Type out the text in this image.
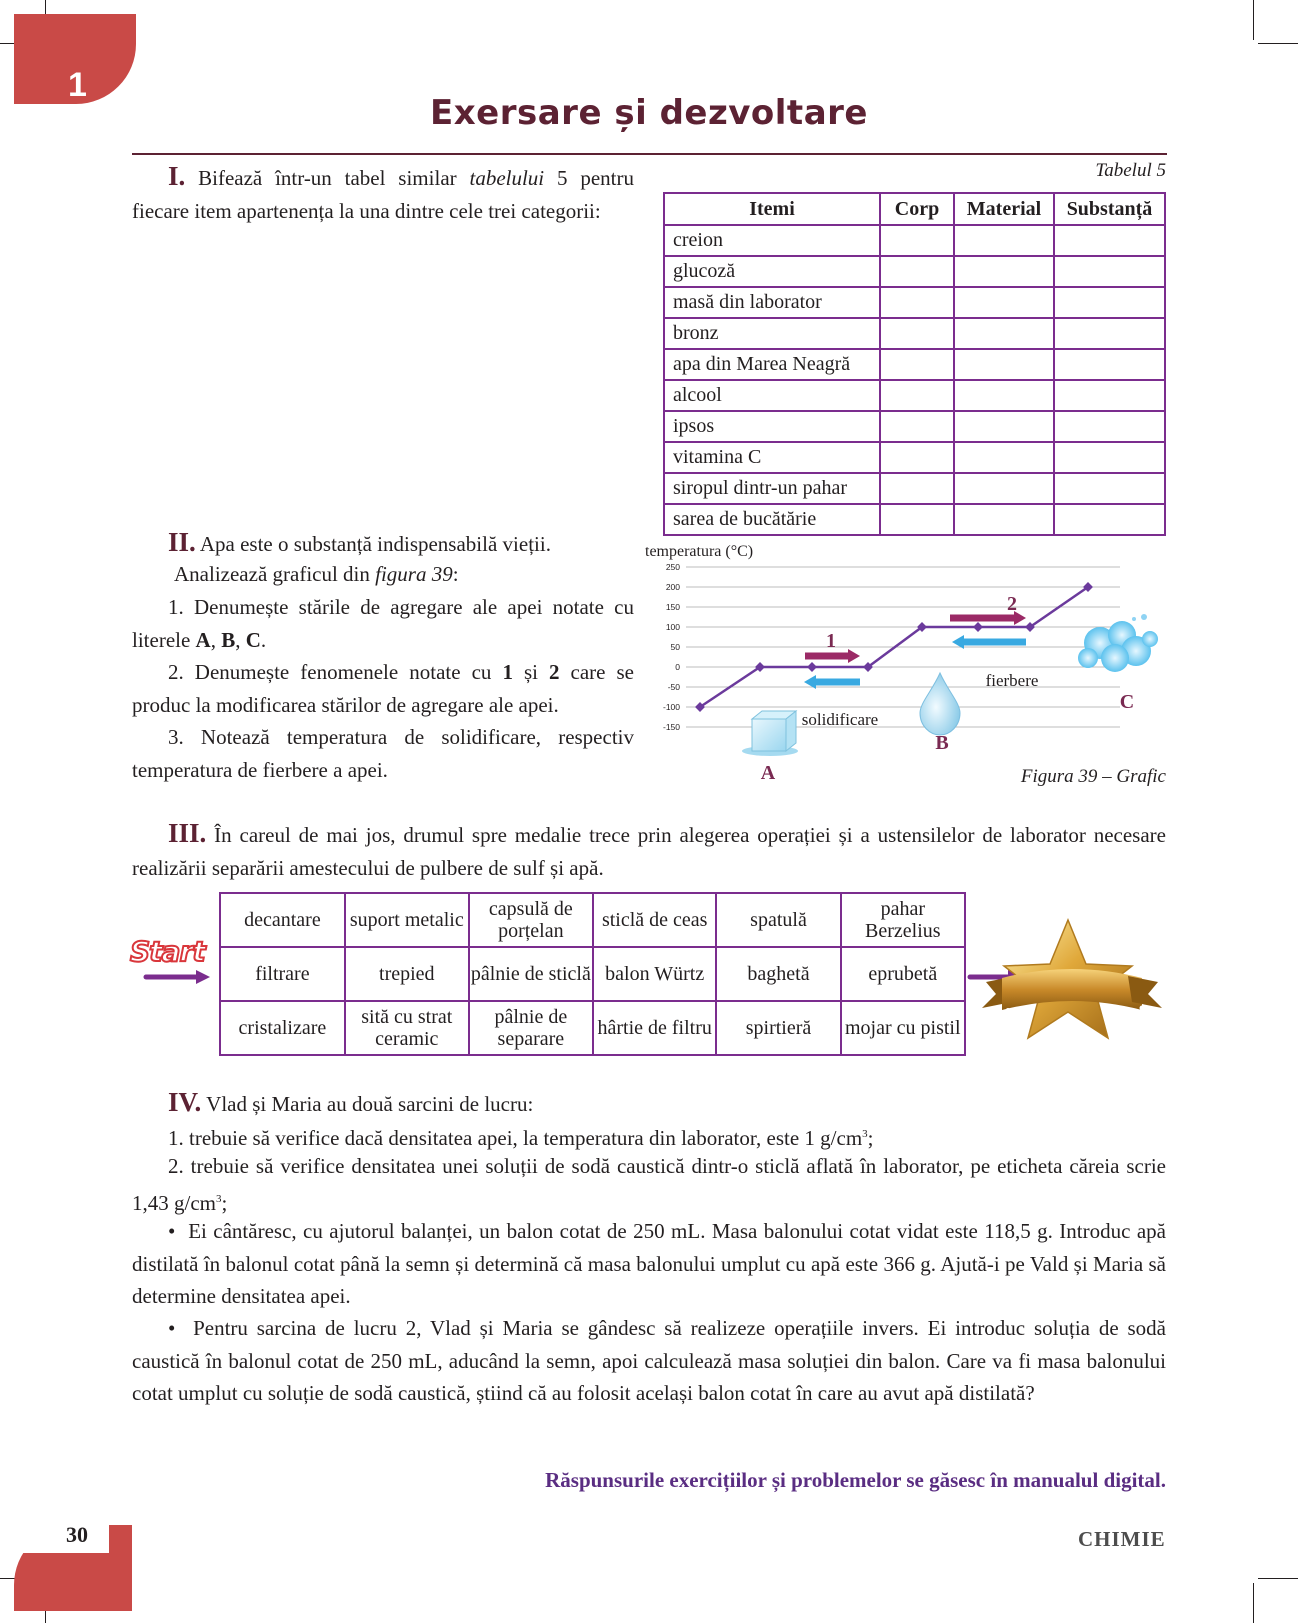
1
Exersare și dezvoltare
I. Bifează într-un tabel similar tabelului 5 pentru fiecare item apartenența la una dintre cele trei categorii:
Tabelul 5
Itemi	Corp	Material	Substanță
creion			
glucoză			
masă din laborator			
bronz			
apa din Marea Neagră			
alcool			
ipsos			
vitamina C			
siropul dintr-un pahar			
sarea de bucătărie			
II. Apa este o substanță indispensabilă vieții.
Analizează graficul din figura 39:
1. Denumește stările de agregare ale apei notate cu literele A, B, C.
2. Denumește fenomenele notate cu 1 și 2 care se produc la modificarea stărilor de agregare ale apei.
3. Notează temperatura de solidificare, respectiv temperatura de fierbere a apei.
temperatura (°C)
250
200
150
100
50
0
-50
-100
-150
1
2
A
B
C
solidificare
fierbere
Figura 39 – Grafic
III. În careul de mai jos, drumul spre medalie trece prin alegerea operației și a ustensilelor de laborator necesare realizării separării amestecului de pulbere de sulf și apă.
Start
decantare	suport metalic	capsulă de porțelan	sticlă de ceas	spatulă	pahar Berzelius
filtrare	trepied	pâlnie de sticlă	balon Würtz	baghetă	eprubetă
cristalizare	sită cu strat ceramic	pâlnie de separare	hârtie de filtru	spirtieră	mojar cu pistil
IV. Vlad și Maria au două sarcini de lucru:
1. trebuie să verifice dacă densitatea apei, la temperatura din laborator, este 1 $g/cm^3$;
2. trebuie să verifice densitatea unei soluții de sodă caustică dintr-o sticlă aflată în laborator, pe eticheta căreia scrie 1,43 $g/cm^3$;
• Ei cântăresc, cu ajutorul balanței, un balon cotat de 250 mL. Masa balonului cotat vidat este 118,5 g. Introduc apă distilată în balonul cotat până la semn și determină că masa balonului umplut cu apă este 366 g. Ajută-i pe Vald și Maria să determine densitatea apei.
• Pentru sarcina de lucru 2, Vlad și Maria se gândesc să realizeze operațiile invers. Ei introduc soluția de sodă caustică în balonul cotat de 250 mL, aducând la semn, apoi calculează masa soluției din balon. Care va fi masa balonului cotat umplut cu soluție de sodă caustică, știind că au folosit același balon cotat în care au avut apă distilată?
Răspunsurile exercițiilor și problemelor se găsesc în manualul digital.
30	CHIMIE
